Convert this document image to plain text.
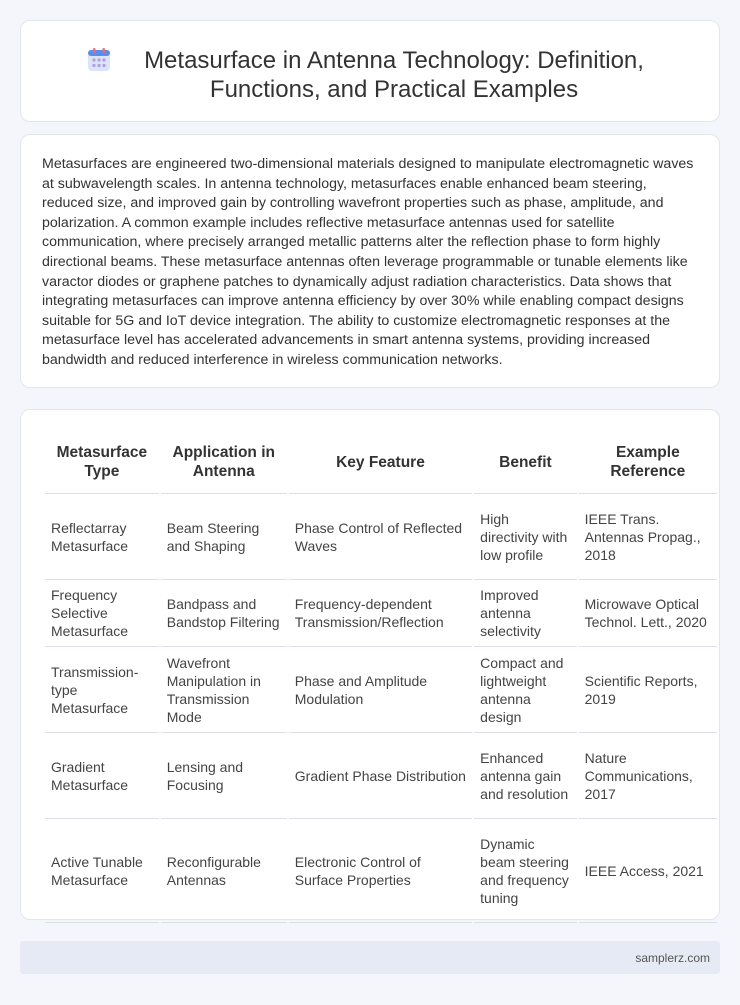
Metasurface in Antenna Technology: Definition, Functions, and Practical Examples

Metasurfaces are engineered two-dimensional materials designed to manipulate electromagnetic waves at subwavelength scales. In antenna technology, metasurfaces enable enhanced beam steering, reduced size, and improved gain by controlling wavefront properties such as phase, amplitude, and polarization. A common example includes reflective metasurface antennas used for satellite communication, where precisely arranged metallic patterns alter the reflection phase to form highly directional beams. These metasurface antennas often leverage programmable or tunable elements like varactor diodes or graphene patches to dynamically adjust radiation characteristics. Data shows that integrating metasurfaces can improve antenna efficiency by over 30% while enabling compact designs suitable for 5G and IoT device integration. The ability to customize electromagnetic responses at the metasurface level has accelerated advancements in smart antenna systems, providing increased bandwidth and reduced interference in wireless communication networks.

Metasurface Type	Application in Antenna	Key Feature	Benefit	Example Reference
Reflectarray Metasurface	Beam Steering and Shaping	Phase Control of Reflected Waves	High directivity with low profile	IEEE Trans. Antennas Propag., 2018
Frequency Selective Metasurface	Bandpass and Bandstop Filtering	Frequency-dependent Transmission/Reflection	Improved antenna selectivity	Microwave Optical Technol. Lett., 2020
Transmission-type Metasurface	Wavefront Manipulation in Transmission Mode	Phase and Amplitude Modulation	Compact and lightweight antenna design	Scientific Reports, 2019
Gradient Metasurface	Lensing and Focusing	Gradient Phase Distribution	Enhanced antenna gain and resolution	Nature Communications, 2017
Active Tunable Metasurface	Reconfigurable Antennas	Electronic Control of Surface Properties	Dynamic beam steering and frequency tuning	IEEE Access, 2021
samplerz.com
